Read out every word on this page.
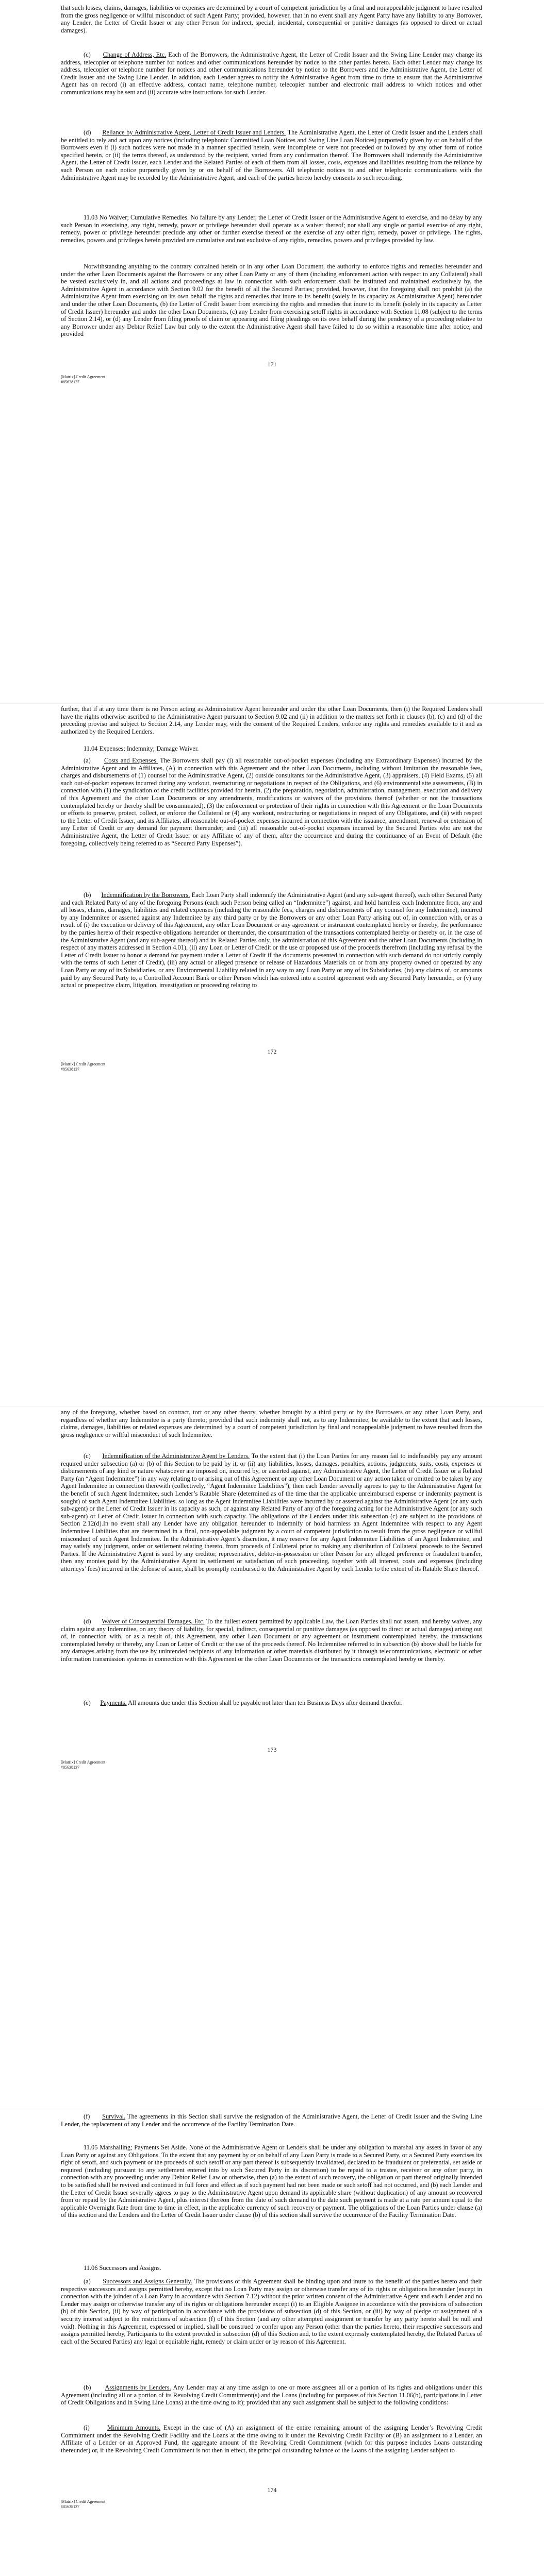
that such losses, claims, damages, liabilities or expenses are determined by a court of competent jurisdiction by a final and nonappealable judgment to have resulted from the gross negligence or willful misconduct of such Agent Party; provided, however, that in no event shall any Agent Party have any liability to any Borrower, any Lender, the Letter of Credit Issuer or any other Person for indirect, special, incidental, consequential or punitive damages (as opposed to direct or actual damages).

(c) Change of Address, Etc. Each of the Borrowers, the Administrative Agent, the Letter of Credit Issuer and the Swing Line Lender may change its address, telecopier or telephone number for notices and other communications hereunder by notice to the other parties hereto. Each other Lender may change its address, telecopier or telephone number for notices and other communications hereunder by notice to the Borrowers and the Administrative Agent, the Letter of Credit Issuer and the Swing Line Lender. In addition, each Lender agrees to notify the Administrative Agent from time to time to ensure that the Administrative Agent has on record (i) an effective address, contact name, telephone number, telecopier number and electronic mail address to which notices and other communications may be sent and (ii) accurate wire instructions for such Lender.

(d) Reliance by Administrative Agent, Letter of Credit Issuer and Lenders. The Administrative Agent, the Letter of Credit Issuer and the Lenders shall be entitled to rely and act upon any notices (including telephonic Committed Loan Notices and Swing Line Loan Notices) purportedly given by or on behalf of the Borrowers even if (i) such notices were not made in a manner specified herein, were incomplete or were not preceded or followed by any other form of notice specified herein, or (ii) the terms thereof, as understood by the recipient, varied from any confirmation thereof. The Borrowers shall indemnify the Administrative Agent, the Letter of Credit Issuer, each Lender and the Related Parties of each of them from all losses, costs, expenses and liabilities resulting from the reliance by such Person on each notice purportedly given by or on behalf of the Borrowers. All telephonic notices to and other telephonic communications with the Administrative Agent may be recorded by the Administrative Agent, and each of the parties hereto hereby consents to such recording.

11.03 No Waiver; Cumulative Remedies. No failure by any Lender, the Letter of Credit Issuer or the Administrative Agent to exercise, and no delay by any such Person in exercising, any right, remedy, power or privilege hereunder shall operate as a waiver thereof; nor shall any single or partial exercise of any right, remedy, power or privilege hereunder preclude any other or further exercise thereof or the exercise of any other right, remedy, power or privilege. The rights, remedies, powers and privileges herein provided are cumulative and not exclusive of any rights, remedies, powers and privileges provided by law.

Notwithstanding anything to the contrary contained herein or in any other Loan Document, the authority to enforce rights and remedies hereunder and under the other Loan Documents against the Borrowers or any other Loan Party or any of them (including enforcement action with respect to any Collateral) shall be vested exclusively in, and all actions and proceedings at law in connection with such enforcement shall be instituted and maintained exclusively by, the Administrative Agent in accordance with Section 9.02 for the benefit of all the Secured Parties; provided, however, that the foregoing shall not prohibit (a) the Administrative Agent from exercising on its own behalf the rights and remedies that inure to its benefit (solely in its capacity as Administrative Agent) hereunder and under the other Loan Documents, (b) the Letter of Credit Issuer from exercising the rights and remedies that inure to its benefit (solely in its capacity as Letter of Credit Issuer) hereunder and under the other Loan Documents, (c) any Lender from exercising setoff rights in accordance with Section 11.08 (subject to the terms of Section 2.14), or (d) any Lender from filing proofs of claim or appearing and filing pleadings on its own behalf during the pendency of a proceeding relative to any Borrower under any Debtor Relief Law but only to the extent the Administrative Agent shall have failed to do so within a reasonable time after notice; and provided

171
[Matrix] Credit Agreement
#85638137

further, that if at any time there is no Person acting as Administrative Agent hereunder and under the other Loan Documents, then (i) the Required Lenders shall have the rights otherwise ascribed to the Administrative Agent pursuant to Section 9.02 and (ii) in addition to the matters set forth in clauses (b), (c) and (d) of the preceding proviso and subject to Section 2.14, any Lender may, with the consent of the Required Lenders, enforce any rights and remedies available to it and as authorized by the Required Lenders.

11.04 Expenses; Indemnity; Damage Waiver.

(a) Costs and Expenses. The Borrowers shall pay (i) all reasonable out-of-pocket expenses (including any Extraordinary Expenses) incurred by the Administrative Agent and its Affiliates, (A) in connection with this Agreement and the other Loan Documents, including without limitation the reasonable fees, charges and disbursements of (1) counsel for the Administrative Agent, (2) outside consultants for the Administrative Agent, (3) appraisers, (4) Field Exams, (5) all such out-of-pocket expenses incurred during any workout, restructuring or negotiations in respect of the Obligations, and (6) environmental site assessments, (B) in connection with (1) the syndication of the credit facilities provided for herein, (2) the preparation, negotiation, administration, management, execution and delivery of this Agreement and the other Loan Documents or any amendments, modifications or waivers of the provisions thereof (whether or not the transactions contemplated hereby or thereby shall be consummated), (3) the enforcement or protection of their rights in connection with this Agreement or the Loan Documents or efforts to preserve, protect, collect, or enforce the Collateral or (4) any workout, restructuring or negotiations in respect of any Obligations, and (ii) with respect to the Letter of Credit Issuer, and its Affiliates, all reasonable out-of-pocket expenses incurred in connection with the issuance, amendment, renewal or extension of any Letter of Credit or any demand for payment thereunder; and (iii) all reasonable out-of-pocket expenses incurred by the Secured Parties who are not the Administrative Agent, the Letter of Credit Issuer or any Affiliate of any of them, after the occurrence and during the continuance of an Event of Default (the foregoing, collectively being referred to as “Secured Party Expenses”).

(b) Indemnification by the Borrowers. Each Loan Party shall indemnify the Administrative Agent (and any sub-agent thereof), each other Secured Party and each Related Party of any of the foregoing Persons (each such Person being called an “Indemnitee”) against, and hold harmless each Indemnitee from, any and all losses, claims, damages, liabilities and related expenses (including the reasonable fees, charges and disbursements of any counsel for any Indemnitee), incurred by any Indemnitee or asserted against any Indemnitee by any third party or by the Borrowers or any other Loan Party arising out of, in connection with, or as a result of (i) the execution or delivery of this Agreement, any other Loan Document or any agreement or instrument contemplated hereby or thereby, the performance by the parties hereto of their respective obligations hereunder or thereunder, the consummation of the transactions contemplated hereby or thereby or, in the case of the Administrative Agent (and any sub-agent thereof) and its Related Parties only, the administration of this Agreement and the other Loan Documents (including in respect of any matters addressed in Section 4.01), (ii) any Loan or Letter of Credit or the use or proposed use of the proceeds therefrom (including any refusal by the Letter of Credit Issuer to honor a demand for payment under a Letter of Credit if the documents presented in connection with such demand do not strictly comply with the terms of such Letter of Credit), (iii) any actual or alleged presence or release of Hazardous Materials on or from any property owned or operated by any Loan Party or any of its Subsidiaries, or any Environmental Liability related in any way to any Loan Party or any of its Subsidiaries, (iv) any claims of, or amounts paid by any Secured Party to, a Controlled Account Bank or other Person which has entered into a control agreement with any Secured Party hereunder, or (v) any actual or prospective claim, litigation, investigation or proceeding relating to

172
[Matrix] Credit Agreement
#85638137

any of the foregoing, whether based on contract, tort or any other theory, whether brought by a third party or by the Borrowers or any other Loan Party, and regardless of whether any Indemnitee is a party thereto; provided that such indemnity shall not, as to any Indemnitee, be available to the extent that such losses, claims, damages, liabilities or related expenses are determined by a court of competent jurisdiction by final and nonappealable judgment to have resulted from the gross negligence or willful misconduct of such Indemnitee.

(c) Indemnification of the Administrative Agent by Lenders. To the extent that (i) the Loan Parties for any reason fail to indefeasibly pay any amount required under subsection (a) or (b) of this Section to be paid by it, or (ii) any liabilities, losses, damages, penalties, actions, judgments, suits, costs, expenses or disbursements of any kind or nature whatsoever are imposed on, incurred by, or asserted against, any Administrative Agent, the Letter of Credit Issuer or a Related Party (an “Agent Indemnitee”) in any way relating to or arising out of this Agreement or any other Loan Document or any action taken or omitted to be taken by any Agent Indemnitee in connection therewith (collectively, “Agent Indemnitee Liabilities”), then each Lender severally agrees to pay to the Administrative Agent for the benefit of such Agent Indemnitee, such Lender’s Ratable Share (determined as of the time that the applicable unreimbursed expense or indemnity payment is sought) of such Agent Indemnitee Liabilities, so long as the Agent Indemnitee Liabilities were incurred by or asserted against the Administrative Agent (or any such sub-agent) or the Letter of Credit Issuer in its capacity as such, or against any Related Party of any of the foregoing acting for the Administrative Agent (or any such sub-agent) or Letter of Credit Issuer in connection with such capacity. The obligations of the Lenders under this subsection (c) are subject to the provisions of Section 2.12(d).In no event shall any Lender have any obligation hereunder to indemnify or hold harmless an Agent Indemnitee with respect to any Agent Indemnitee Liabilities that are determined in a final, non-appealable judgment by a court of competent jurisdiction to result from the gross negligence or willful misconduct of such Agent Indemnitee. In the Administrative Agent’s discretion, it may reserve for any Agent Indemnitee Liabilities of an Agent Indemnitee, and may satisfy any judgment, order or settlement relating thereto, from proceeds of Collateral prior to making any distribution of Collateral proceeds to the Secured Parties. If the Administrative Agent is sued by any creditor, representative, debtor-in-possession or other Person for any alleged preference or fraudulent transfer, then any monies paid by the Administrative Agent in settlement or satisfaction of such proceeding, together with all interest, costs and expenses (including attorneys’ fees) incurred in the defense of same, shall be promptly reimbursed to the Administrative Agent by each Lender to the extent of its Ratable Share thereof.

(d) Waiver of Consequential Damages, Etc. To the fullest extent permitted by applicable Law, the Loan Parties shall not assert, and hereby waives, any claim against any Indemnitee, on any theory of liability, for special, indirect, consequential or punitive damages (as opposed to direct or actual damages) arising out of, in connection with, or as a result of, this Agreement, any other Loan Document or any agreement or instrument contemplated hereby, the transactions contemplated hereby or thereby, any Loan or Letter of Credit or the use of the proceeds thereof. No Indemnitee referred to in subsection (b) above shall be liable for any damages arising from the use by unintended recipients of any information or other materials distributed by it through telecommunications, electronic or other information transmission systems in connection with this Agreement or the other Loan Documents or the transactions contemplated hereby or thereby.

(e) Payments. All amounts due under this Section shall be payable not later than ten Business Days after demand therefor.

173
[Matrix] Credit Agreement
#85638137

(f) Survival. The agreements in this Section shall survive the resignation of the Administrative Agent, the Letter of Credit Issuer and the Swing Line Lender, the replacement of any Lender and the occurrence of the Facility Termination Date.

11.05 Marshalling; Payments Set Aside. None of the Administrative Agent or Lenders shall be under any obligation to marshal any assets in favor of any Loan Party or against any Obligations. To the extent that any payment by or on behalf of any Loan Party is made to a Secured Party, or a Secured Party exercises its right of setoff, and such payment or the proceeds of such setoff or any part thereof is subsequently invalidated, declared to be fraudulent or preferential, set aside or required (including pursuant to any settlement entered into by such Secured Party in its discretion) to be repaid to a trustee, receiver or any other party, in connection with any proceeding under any Debtor Relief Law or otherwise, then (a) to the extent of such recovery, the obligation or part thereof originally intended to be satisfied shall be revived and continued in full force and effect as if such payment had not been made or such setoff had not occurred, and (b) each Lender and the Letter of Credit Issuer severally agrees to pay to the Administrative Agent upon demand its applicable share (without duplication) of any amount so recovered from or repaid by the Administrative Agent, plus interest thereon from the date of such demand to the date such payment is made at a rate per annum equal to the applicable Overnight Rate from time to time in effect, in the applicable currency of such recovery or payment. The obligations of the Loan Parties under clause (a) of this section and the Lenders and the Letter of Credit Issuer under clause (b) of this section shall survive the occurrence of the Facility Termination Date.

11.06 Successors and Assigns.

(a) Successors and Assigns Generally. The provisions of this Agreement shall be binding upon and inure to the benefit of the parties hereto and their respective successors and assigns permitted hereby, except that no Loan Party may assign or otherwise transfer any of its rights or obligations hereunder (except in connection with the joinder of a Loan Party in accordance with Section 7.12) without the prior written consent of the Administrative Agent and each Lender and no Lender may assign or otherwise transfer any of its rights or obligations hereunder except (i) to an Eligible Assignee in accordance with the provisions of subsection (b) of this Section, (ii) by way of participation in accordance with the provisions of subsection (d) of this Section, or (iii) by way of pledge or assignment of a security interest subject to the restrictions of subsection (f) of this Section (and any other attempted assignment or transfer by any party hereto shall be null and void). Nothing in this Agreement, expressed or implied, shall be construed to confer upon any Person (other than the parties hereto, their respective successors and assigns permitted hereby, Participants to the extent provided in subsection (d) of this Section and, to the extent expressly contemplated hereby, the Related Parties of each of the Secured Parties) any legal or equitable right, remedy or claim under or by reason of this Agreement.

(b) Assignments by Lenders. Any Lender may at any time assign to one or more assignees all or a portion of its rights and obligations under this Agreement (including all or a portion of its Revolving Credit Commitment(s) and the Loans (including for purposes of this Section 11.06(b), participations in Letter of Credit Obligations and in Swing Line Loans) at the time owing to it); provided that any such assignment shall be subject to the following conditions:

(i)	Minimum Amounts. Except in the case of (A) an assignment of the entire remaining amount of the assigning Lender’s Revolving Credit Commitment under the Revolving Credit Facility and the Loans at the time owing to it under the Revolving Credit Facility or (B) an assignment to a Lender, an Affiliate of a Lender or an Approved Fund, the aggregate amount of the Revolving Credit Commitment (which for this purpose includes Loans outstanding thereunder) or, if the Revolving Credit Commitment is not then in effect, the principal outstanding balance of the Loans of the assigning Lender subject to

174
[Matrix] Credit Agreement
#85638137
